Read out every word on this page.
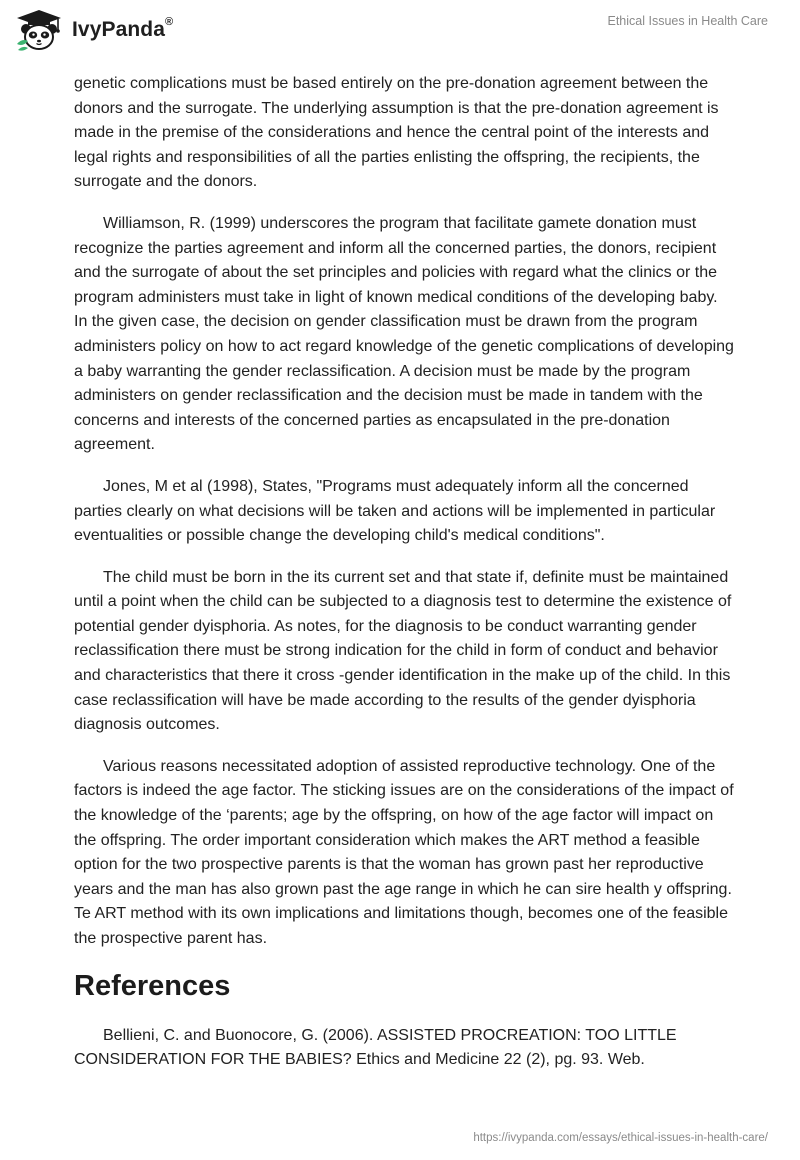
IvyPanda®	Ethical Issues in Health Care

genetic complications must be based entirely on the pre-donation agreement between the donors and the surrogate. The underlying assumption is that the pre-donation agreement is made in the premise of the considerations and hence the central point of the interests and legal rights and responsibilities of all the parties enlisting the offspring, the recipients, the surrogate and the donors.

Williamson, R. (1999) underscores the program that facilitate gamete donation must recognize the parties agreement and inform all the concerned parties, the donors, recipient and the surrogate of about the set principles and policies with regard what the clinics or the program administers must take in light of known medical conditions of the developing baby. In the given case, the decision on gender classification must be drawn from the program administers policy on how to act regard knowledge of the genetic complications of developing a baby warranting the gender reclassification. A decision must be made by the program administers on gender reclassification and the decision must be made in tandem with the concerns and interests of the concerned parties as encapsulated in the pre-donation agreement.

Jones, M et al (1998), States, "Programs must adequately inform all the concerned parties clearly on what decisions will be taken and actions will be implemented in particular eventualities or possible change the developing child's medical conditions".

The child must be born in the its current set and that state if, definite must be maintained until a point when the child can be subjected to a diagnosis test to determine the existence of potential gender dyisphoria. As notes, for the diagnosis to be conduct warranting gender reclassification there must be strong indication for the child in form of conduct and behavior and characteristics that there it cross -gender identification in the make up of the child. In this case reclassification will have be made according to the results of the gender dyisphoria diagnosis outcomes.

Various reasons necessitated adoption of assisted reproductive technology. One of the factors is indeed the age factor. The sticking issues are on the considerations of the impact of the knowledge of the ‘parents; age by the offspring, on how of the age factor will impact on the offspring. The order important consideration which makes the ART method a feasible option for the two prospective parents is that the woman has grown past her reproductive years and the man has also grown past the age range in which he can sire health y offspring. Te ART method with its own implications and limitations though, becomes one of the feasible the prospective parent has.

References

Bellieni, C. and Buonocore, G. (2006). ASSISTED PROCREATION: TOO LITTLE CONSIDERATION FOR THE BABIES? Ethics and Medicine 22 (2), pg. 93. Web.

https://ivypanda.com/essays/ethical-issues-in-health-care/
